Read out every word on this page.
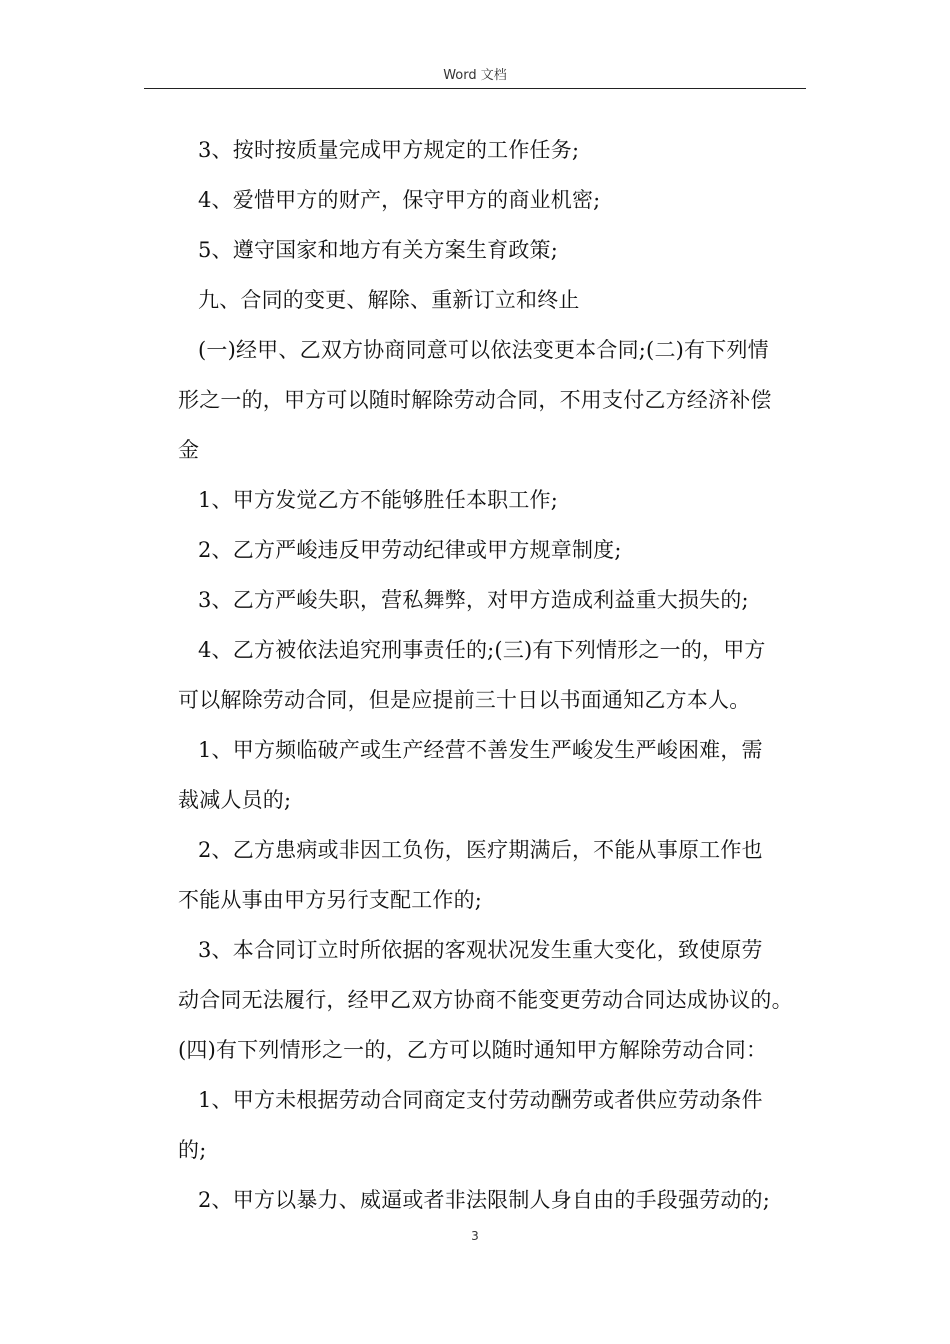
Word 文档
3、按时按质量完成甲方规定的工作任务;
4、爱惜甲方的财产，保守甲方的商业机密;
5、遵守国家和地方有关方案生育政策;
九、合同的变更、解除、重新订立和终止
(一)经甲、乙双方协商同意可以依法变更本合同;(二)有下列情
形之一的，甲方可以随时解除劳动合同，不用支付乙方经济补偿
金
1、甲方发觉乙方不能够胜任本职工作;
2、乙方严峻违反甲劳动纪律或甲方规章制度;
3、乙方严峻失职，营私舞弊，对甲方造成利益重大损失的;
4、乙方被依法追究刑事责任的;(三)有下列情形之一的，甲方
可以解除劳动合同，但是应提前三十日以书面通知乙方本人。
1、甲方频临破产或生产经营不善发生严峻发生严峻困难，需
裁减人员的;
2、乙方患病或非因工负伤，医疗期满后，不能从事原工作也
不能从事由甲方另行支配工作的;
3、本合同订立时所依据的客观状况发生重大变化，致使原劳
动合同无法履行，经甲乙双方协商不能变更劳动合同达成协议的。
(四)有下列情形之一的，乙方可以随时通知甲方解除劳动合同：
1、甲方未根据劳动合同商定支付劳动酬劳或者供应劳动条件
的;
2、甲方以暴力、威逼或者非法限制人身自由的手段强劳动的;
3
